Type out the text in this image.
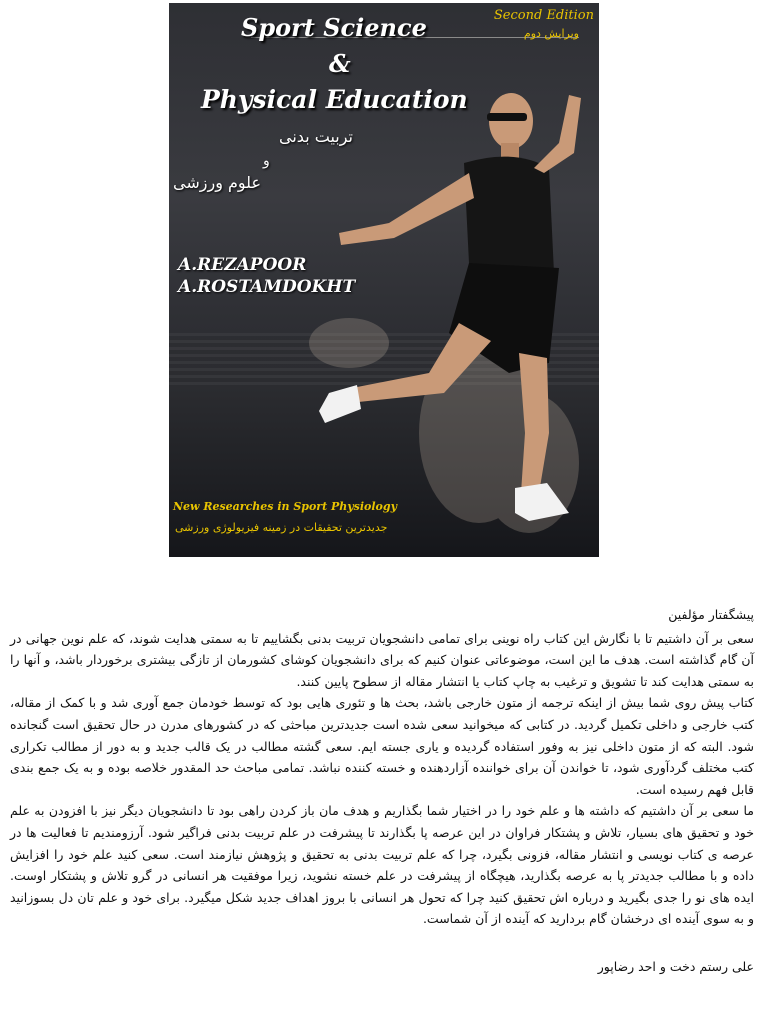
Second Edition
ویرایش دوم
Sport Science
&
Physical Education
تربیت بدنی
و
علوم ورزشی
A.REZAPOOR
A.ROSTAMDOKHT
New Researches in Sport Physiology
جدیدترین تحقیقات در زمینه فیزیولوژی ورزشی

پیشگفتار مؤلفین

سعی بر آن داشتیم تا با نگارش این کتاب راه نوینی برای تمامی دانشجویان تربیت بدنی بگشاییم تا به سمتی هدایت شوند، که علم نوین جهانی در آن گام گذاشته است. هدف ما این است، موضوعاتی عنوان کنیم که برای دانشجویان کوشای کشورمان از تازگی بیشتری برخوردار باشد، و آنها را به سمتی هدایت کند تا تشویق و ترغیب به چاپ کتاب یا انتشار مقاله از سطوح پایین کنند.

کتاب پیش روی شما بیش از اینکه ترجمه از متون خارجی باشد، بحث ها و تئوری هایی بود که توسط خودمان جمع آوری شد و با کمک از مقاله، کتب خارجی و داخلی تکمیل گردید. در کتابی که میخوانید سعی شده است جدیدترین مباحثی که در کشورهای مدرن در حال تحقیق است گنجانده شود. البته که از متون داخلی نیز به وفور استفاده گردیده و یاری جسته ایم. سعی گشته مطالب در یک قالب جدید و به دور از مطالب تکراری کتب مختلف گردآوری شود، تا خواندن آن برای خواننده آزاردهنده و خسته کننده نباشد. تمامی مباحث حد المقدور خلاصه بوده و به یک جمع بندی قابل فهم رسیده است.

ما سعی بر آن داشتیم که داشته ها و علم خود را در اختیار شما بگذاریم و هدف مان باز کردن راهی بود تا دانشجویان دیگر نیز با افزودن به علم خود و تحقیق های بسیار، تلاش و پشتکار فراوان در این عرصه پا بگذارند تا پیشرفت در علم تربیت بدنی فراگیر شود. آرزومندیم تا فعالیت ها در عرصه ی کتاب نویسی و انتشار مقاله، فزونی بگیرد، چرا که علم تربیت بدنی به تحقیق و پژوهش نیازمند است. سعی کنید علم خود را افزایش داده و با مطالب جدیدتر پا به عرصه بگذارید، هیچگاه از پیشرفت در علم خسته نشوید، زیرا موفقیت هر انسانی در گرو تلاش و پشتکار اوست. ایده های نو را جدی بگیرید و درباره اش تحقیق کنید چرا که تحول هر انسانی با بروز اهداف جدید شکل میگیرد. برای خود و علم تان دل بسوزانید و به سوی آینده ای درخشان گام بردارید که آینده از آن شماست.

علی رستم دخت و احد رضاپور
